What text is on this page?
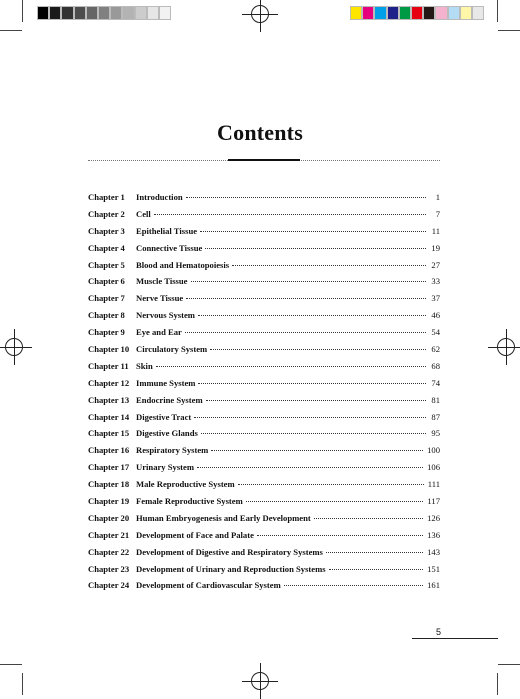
Contents
Chapter 1	Introduction	1
Chapter 2	Cell	7
Chapter 3	Epithelial Tissue	11
Chapter 4	Connective Tissue	19
Chapter 5	Blood and Hematopoiesis	27
Chapter 6	Muscle Tissue	33
Chapter 7	Nerve Tissue	37
Chapter 8	Nervous System	46
Chapter 9	Eye and Ear	54
Chapter 10 Circulatory System	62
Chapter 11 Skin	68
Chapter 12 Immune System	74
Chapter 13 Endocrine System	81
Chapter 14 Digestive Tract	87
Chapter 15 Digestive Glands	95
Chapter 16 Respiratory System	100
Chapter 17 Urinary System	106
Chapter 18 Male Reproductive System	111
Chapter 19 Female Reproductive System	117
Chapter 20 Human Embryogenesis and Early Development	126
Chapter 21 Development of Face and Palate	136
Chapter 22 Development of Digestive and Respiratory Systems	143
Chapter 23 Development of Urinary and Reproduction Systems	151
Chapter 24 Development of Cardiovascular System	161
5
